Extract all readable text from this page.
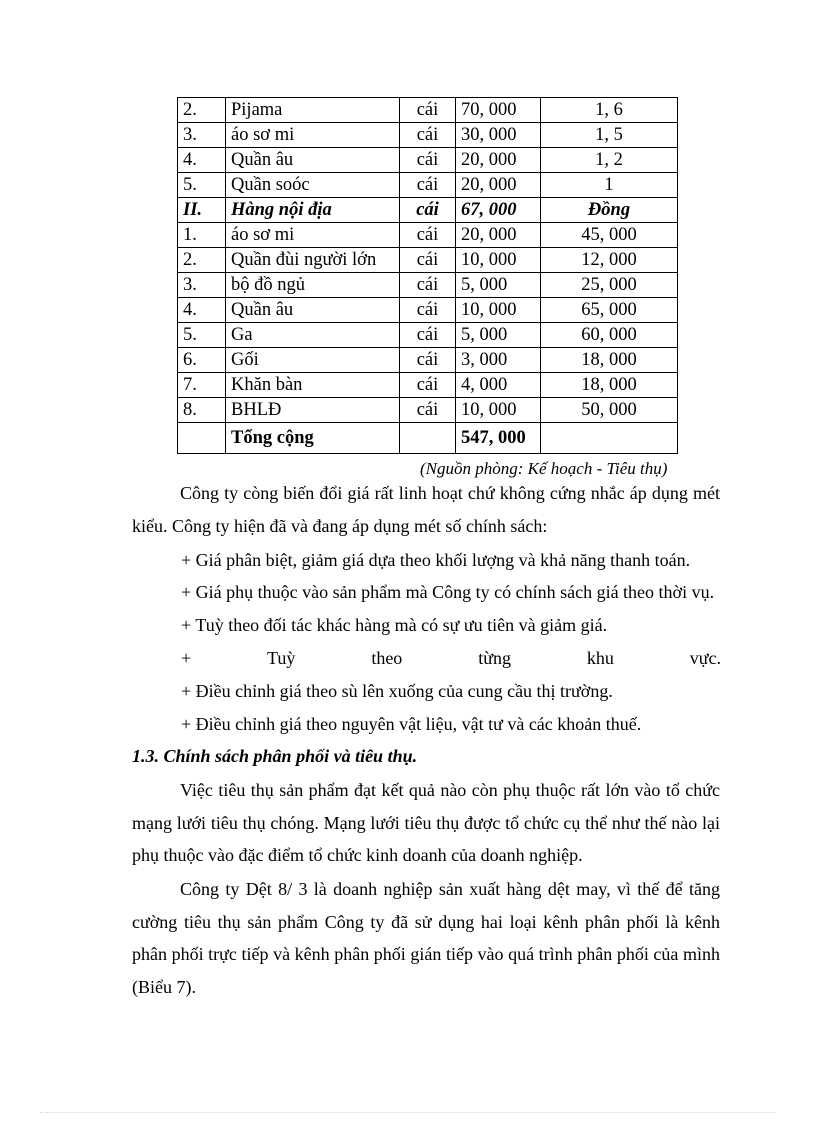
2.	Pijama	cái	70, 000	1, 6
3.	áo sơ mi	cái	30, 000	1, 5
4.	Quần âu	cái	20, 000	1, 2
5.	Quần soóc	cái	20, 000	1
II.	Hàng nội địa	cái	67, 000	Đồng
1.	áo sơ mi	cái	20, 000	45, 000
2.	Quần đùi người lớn	cái	10, 000	12, 000
3.	bộ đồ ngủ	cái	5, 000	25, 000
4.	Quần âu	cái	10, 000	65, 000
5.	Ga	cái	5, 000	60, 000
6.	Gối	cái	3, 000	18, 000
7.	Khăn bàn	cái	4, 000	18, 000
8.	BHLĐ	cái	10, 000	50, 000
	Tổng cộng		547, 000	
(Nguồn phòng: Kế hoạch - Tiêu thụ)
Công ty còng biến đổi giá rất linh hoạt chứ không cứng nhắc áp dụng mét kiểu. Công ty hiện đã và đang áp dụng mét số chính sách:
+ Giá phân biệt, giảm giá dựa theo khối lượng và khả năng thanh toán.
+ Giá phụ thuộc vào sản phẩm mà Công ty có chính sách giá theo thời vụ.
+ Tuỳ theo đối tác khác hàng mà có sự ưu tiên và giảm giá.
+	Tuỳ	theo	từng	khu	vực.
+ Điều chỉnh giá theo sù lên xuống của cung cầu thị trường.
+ Điều chỉnh giá theo nguyên vật liệu, vật tư và các khoản thuế.
1.3. Chính sách phân phối và tiêu thụ.
Việc tiêu thụ sản phẩm đạt kết quả nào còn phụ thuộc rất lớn vào tổ chức mạng lưới tiêu thụ chóng. Mạng lưới tiêu thụ được tổ chức cụ thể như thế nào lại phụ thuộc vào đặc điểm tổ chức kinh doanh của doanh nghiệp.
Công ty Dệt 8/ 3 là doanh nghiệp sản xuất hàng dệt may, vì thế để tăng cường tiêu thụ sản phẩm Công ty đã sử dụng hai loại kênh phân phối là kênh phân phối trực tiếp và kênh phân phối gián tiếp vào quá trình phân phối của mình (Biểu 7).
